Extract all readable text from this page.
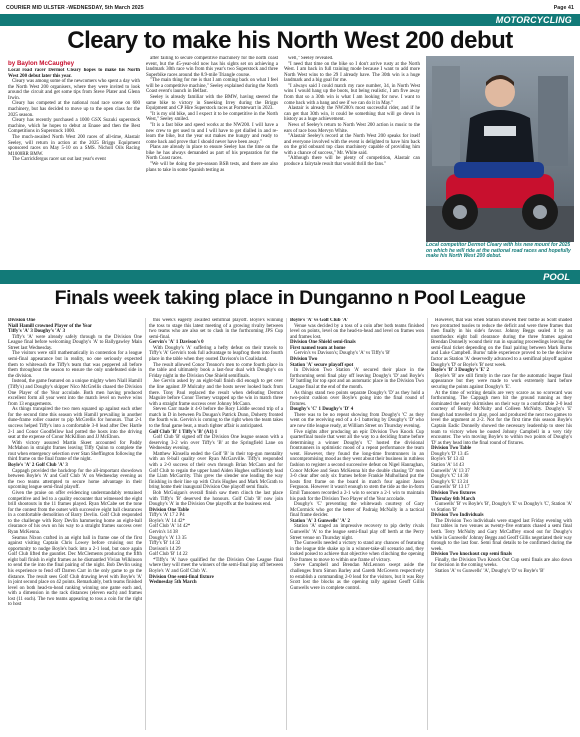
COURIER MID ULSTER -WEDNESDAY, 5th March 2025	Page 41
MOTORCYCLING
Cleary to make his North West 200 debut
by Baylon McCaughey

Local road racer Dermot Cleary hopes to make his North West 200 debut later this year.

Cleary was among some of the newcomers who spent a day with the North West 200 organisers, where they were invited to look around the circuit and get some tips from Steve Plater and Glenn Irwin.

Cleary has competed at the national road race scene on 600 machinery, but has decided to move up to the open class for the 2025 season.

Cleary has recently purchased a 1000 GSX Suzuki superstock machine, which he hopes to debut at Enaoe and then the Best Competitions in Superstock 1000.

The much-awaited North West 200 races of all-time, Alastair Seeley, will return in action at the 2025 Briggs Equipment sponsored races on May 5-10 on a SMS. Nicholl Oils Racing M1000RR BMW.

The Carrickfergus racer sat out last year's event

after failing to secure competitive machinery for the north coast event, but the 45-year-old now has his sights set on achieving a landmark 30th race win from this year's two Superstock and three Superbike races around the 8.9-mile Triangle course.

"The main thing for me is that I am coming back on what I feel will be a competitive machine," Seeley explained during the North Coast event's launch in Belfast.

Seeley is already familiar with the BMW, having steered the same bike to victory in Sneeking Irrey during the Briggs Equipment and CP Hire Superstock races at Portstewart in 2023.

"It is my old bike, and I expect it to be competitive in the North West," Seeley smiled.

"It is a fast bike and speed works at the NW200. I will have a new crew to get used to and I will have to get dialled in and re-learn the bike, but the year out makes me hungry and ready to come back and prove that I should never have been away."

Plans are already in place to ensure Seeley has the time on the bike he has always demanded as part of his preparation for the North Coast races.

"We will be doing the pre-season BSB tests, and there are also plans to take in some Spanish testing as

well," Seeley revealed.

"I need that time on the bike so I don't arrive rusty at the North West. I am back in full training mode because I want to add more North West wins to the 29 I already have. The 30th win is a huge landmark and a big goal for me.

"I always said I could match my race number, 34, in North West wins I would hang up the boots, but being realistic, I am five away from that so a 30th win is what I am looking for now. I want to come back with a bang and see if we can do it in May."

Alastair is already the NW200's most successful rider, and if he can get that 30th win, it could be something that will go down in history as a huge achievement.

News of Seeley's return to North West 200 action is music to the ears of race boss Mervyn White.

"Alastair Seeley's record at the North West 200 speaks for itself and everyone involved with the event is delighted to have him back on the grid onboard top class machinery capable of providing him with a chance of success," Mr. White said.

"Although there will be plenty of competition, Alastair can produce a fairytale result that would thrill the fans."

Local competitor Dermot Cleary with his new mount for 2025 on which he will ride at the national road races and hopefully make his North West 200 debut.
POOL
Finals week taking place in Dunganno n Pool League

Division One

Niall Hamill crowned Player of the Year

Tiffy's 'A' 3 Doughy's 'A' 3

Tiffy's 'A' were already safely through to the Division One League final before welcoming Doughy's 'A' to Ballygawley Main Street last Wednesday.

The visitors were still mathematically in contention for a league semi-final appearance but in reality, no one seriously expected them to whitewash the Tiffy's team that was peppered all before them throughout the season to ensure the only undefeated side in the division.

Instead, the game featured on a unique mighty when Niall Hamill (Tiffy's) and Doughy's skipper Nico McGrellis chased the Division One Player of the Year accolade. Both men having produced excellent form all year went into the match level on twelve wins from 13 engagements.

As things transpired the two men squared up against each other for the second time this season with Hamill prevailing in another dune-frame roller coaster to pip McGrellis for honours. That 2-1 success helped Tiffy's into a comfortable 3-0 lead after Dec Hartle 2-1 and Conor Goodfellow had potted the hosts into the driving seat at the expense of Conor McKillion and JJ McElnon.

With victory assured Martin Skeet accounted for Paddy McMahon in straight frames leaving Tiffy Quinn to complete the rout when emergency selection over Stan Sheffington following the third frame on the final frame of the night.

Boyle's 'A' 2 Golf Club 'A' 3

Cappagh provided the backdrop for the all-important showdown between Boyle's 'A' and Golf Club 'A' on Wednesday evening as the two teams attempted to secure home advantage in their upcoming league semi-final playoff.

Given the praise on offer evidencing understandably remained competitive and led to a quality encounter that witnessed the eight brill shootouts in the 11 frames played. Ryan McCabe set the tone for the contest from the outset with successive eight ball clearances in a comfortable demolition of Barry Devlin. Golf Club responded to the challenge with Rory Devlin hammering home an eight-ball clearance of his own on his way to a straight frames success over Ryan McKenna.

Seamus Nixon crafted in an eight ball in frame one of the first against visiting Captain Chris Lowey before cruising out the opportunity to nudge Boyle's back into a 2-1 lead, but once again Golf Club lifted the gauntlet. Dec McClements producing the fifth eight ball finish in eight frames as he dismantled Vivian Wilkinson to send the tie into the final pairing of the night. Bob Devlin using his experience to fend off Darren Carr in the only game to go the distance. The result sees Golf Club drawing level with Boyle's 'A' in joint second place on 42 points. Remarkably, both teams finished level on both head-to-head ranking winning one game each and, with a dimension in the rack distances (eleven each) and frames lost (11 each). The two teams appearing to toss a coin for the right to host

this week's eagerly awaited semifinal playoff. Boyle's winning the toss to stage this latest meeting of a growing rivalry between two teams who are also set to clash in the forthcoming JPS Cup semi-final.

Gervin's 'A' 1 Davison's 0

With Doughy's 'A' suffering a hefty defeat on their travels to Tiffy's 'A' Gervin's took full advantage to leapfrog them into fourth place in the table when they ousted Davison's in Coalisland.

The result allowed Conor Treanor's men to come fourth place in the table and ultimately book a last-four dual with Doughy's on Friday night in the Division One Shield semifinals.

Joe Gervin asked by an eight-ball finish did enough to get over the line against JP Mulcahy and the hosts never looked back from there. Tony Paul replaced the result when defeating Dermot Maguire before Conor Tierney wrapped up the win in match three with a straight frame success over Johnny McCann.

Steven Carr made it 4-0 before the Rory Liddle second trip of a match in D in between Pa Dougan's Patrick Dunn, Doherty fronted the fourth win. Gervin's is coming to the right when the team takes to the final game beat, a much tighter affair is anticipated.

Golf Club 'B' 1 Tiffy's 'B' (A1) 1

Golf Club 'B' signed off the Division One league season with a deserving 3-2 win over Tiffy's 'B' at the Springfield Lane on Wednesday evening.

Matthew Kinsella ended the Golf 'B' in their top-gun mentality with an 8-ball quality over Ryan McGarville. Tiffy's responded with a 2-0 success of their own through Brian McCann and for Golf Club to regain the upper hand Aiden Hughes sufficiently lead the Liam McGarrity. This grew the slender one leading the way finishing in their line up with Chris Hughes and Mark McGrath to bring home their inaugural Division One playoff semi finals.

Bob McGuigan's overall finish saw them clinch the last place with Tiffy's 'B' deserved the honours. Golf Club 'B' now join Doughy's 'A' in the Division One playoffs at the business end.

Division One Table

Tiffy's 'A' 17 2 P4

Boyle's 'A' 14 42*

Golf Club 'A' 14 42*

Gervin's 14 38

Doughy's 'A' 13 35

Tiffy's 'B' 14 32

Davison's 14 29

Golf Club 'B' 14 22

*Tiffy's 'A' have qualified for the Division One League final where they will meet the winners of the semi-final play off between Boyle's 'A' and Golf Club 'A'.

Division One semi-final fixture

Wednesday 5th March

Boyle's 'A' vs Golf Club 'A'

Venue was decided by a toss of a coin after both teams finished level on points, level on the head-to-head and level on frames won and frames lost.

Division One Shield semi-finals

First named team at home

Gervin's vs Davison's; Doughy's 'A' vs Tiffy's 'B'

Division Two

Station 'A' secure playoff spot

In Division Two Station 'A' secured their place in the forthcoming semi final play off leaving Doughy's 'D' and Boyle's 'B' battling for top spot and an automatic place in the Division Two League final at the end of the month.

As things stand two points separate Doughy's 'D' as they hold a two-point cushion over Boyle's going into the final round of fixtures.

Doughy's 'C' 1 Doughy's 'D' 4

There was to be no repeat showing from Doughy's 'C' as they went on the receiving end of a 4-1 battering by Doughy's 'D' who are now title league ready, at William Street on Thursday evening.

Five nights after producing an epic Division Two Knock Cup quarterfinal tussle that went all the way to a deciding frame before determining a winner Doughy's 'C' hosted the divisional frontrunners in optimistic mood of a repeat performance the team went. However, they found the long-time frontrunners in an uncompromising mood as they went about their business in ruthless fashion to register a second successive defeat on Nigel Hanraghan, Conor McKee and Sean McKenna hit the double chasing 'D' men 3-0 clear after only six frames before Frankie Mulholland put the hosts first frame on the board in match four against Jason Ferguson. However it wasn't enough to stem the tide as the in-form Emil Tansonen recorded a 2-1 win to secure a 2-1 win to maintain his push for the Division Two Player of the Year accolade.

Doughy's 'C' preventing the whitewash courtesy of Gary McCormick who got the better of Padraig McNally in a tactical final frame decider.

Station 'A' 3 Gunwells' 'A' 2

Station 'A' staged an impressive recovery to pip derby rivals Gunwells' 'A' to the league semi-final play off berth at the Perry Street venue on Thursday night.

The Gunwells needed a victory to stand any chances of featuring in the league title shake up in a winner-take-all scenario and, they looked poised to achieve that objective when clinching the opening five frames to move to within one frame of victory.

Steve Campbell and Brendan McLennon swept aside the challenges from Simon Barley and Gareth McGovern respectively to establish a commanding 2-0 lead for the visitors, but it was Roy Scott lost the blocks as the opening rally against Geoff Gillis Gunwells were in complete control.

However, that was when Station showed their bottle as Scott shaded two protracted tussles to reduce the deficit and were three frames that then finally in his side's favour. Johnny Beggs sealed it by an unorthodox eight ball clearance during the three frames against Brendan Donnelly wound their run in squaring proceedings leaving the semi-final ticket depending on the final pairing between Mark Burns and Luke Campbell. Burns' table experience proved to be the decisive factor as Station 'A' deservedly advanced to a semifinal playoff against Doughy's 'D' or Boyle's 'B' next week.

Boyle's 'B' 3 Doughy's 'E' 2

Boyle's 'B' are still firmly in the race for the automatic league final appearance but they were made to work extremely hard before securing the points against Doughy's 'E'.

At the time of writing details are very scarce as no scorecard was forthcoming. The Cappagh men hit the ground running as they dominated the early skirmishes on their way to a comfortable 2-0 lead courtesy of Benny McNulty and Colleen McNulty. Doughy's 'E' though had travelled to play, pool and produced the next two games to level the argument at 2-2. Not for the first time this season Boyle's Captain Eadic Donnelly showed the necessary leadership to steer his team to victory when he ousted Johnny Campbell in a very tidy encounter. The win moving Boyle's to within two points of Doughy's 'D' as they head into the final round of fixtures.

Division Two Table

Doughy's 'D' 13 45

Boyle's 'B' 13 43

Station 'A' 14 43

Gunwells' 'A' 13 37

Doughy's 'C' 14 30

Doughy's 'E' 13 24

Gunwells' 'B' 13 17

Division Two fixtures

Thursday 6th March

Gunwells' 'B' vs Boyle's 'B', Doughy's 'E' vs Doughy's 'C', Station 'A' vs Station 'B'

Division Two Individuals

The Division Two individuals were staged last Friday evening with four tables in two venues as twenty-five entrants chased a semi final berth. Terry McNulty and Gary McCaffrey stood out for Doughy's while in Gunwells' Johnny Beggs and Geoff Gillis negotiated their way through to the last four. Semi final details to be confirmed during the week.

Division Two knockout cup semi finals

Finally, the Division Two Knock Out Cup semi finals are also down for decision in the coming weeks.

Station 'A' vs Gunwells' 'A', Doughy's 'D' vs Boyle's 'B'
